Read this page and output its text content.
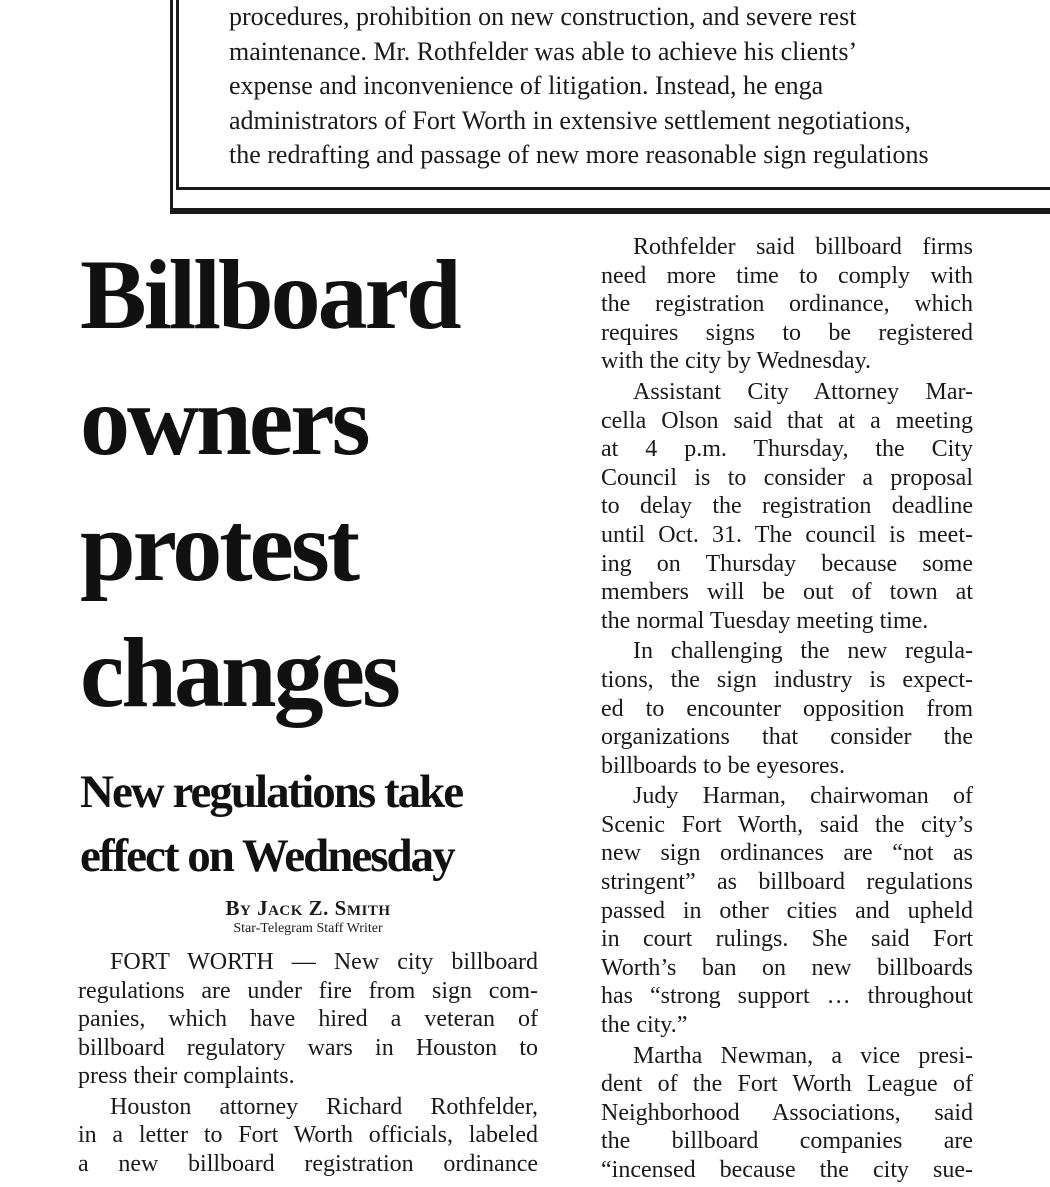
procedures, prohibition on new construction, and severe rest
maintenance. Mr. Rothfelder was able to achieve his clients’
expense and inconvenience of litigation. Instead, he enga
administrators of Fort Worth in extensive settlement negotiations,
the redrafting and passage of new more reasonable sign regulations
Billboard
owners
protest
changes
New regulations take
effect on Wednesday
By Jack Z. Smith
Star-Telegram Staff Writer
FORT WORTH — New city billboard
regulations are under fire from sign com-
panies, which have hired a veteran of
billboard regulatory wars in Houston to
press their complaints.
Houston attorney Richard Rothfelder,
in a letter to Fort Worth officials, labeled
a new billboard registration ordinance
Rothfelder said billboard firms
need more time to comply with
the registration ordinance, which
requires signs to be registered
with the city by Wednesday.
Assistant City Attorney Mar-
cella Olson said that at a meeting
at 4 p.m. Thursday, the City
Council is to consider a proposal
to delay the registration deadline
until Oct. 31. The council is meet-
ing on Thursday because some
members will be out of town at
the normal Tuesday meeting time.
In challenging the new regula-
tions, the sign industry is expect-
ed to encounter opposition from
organizations that consider the
billboards to be eyesores.
Judy Harman, chairwoman of
Scenic Fort Worth, said the city’s
new sign ordinances are “not as
stringent” as billboard regulations
passed in other cities and upheld
in court rulings. She said Fort
Worth’s ban on new billboards
has “strong support … throughout
the city.”
Martha Newman, a vice presi-
dent of the Fort Worth League of
Neighborhood Associations, said
the billboard companies are
“incensed because the city sue-
